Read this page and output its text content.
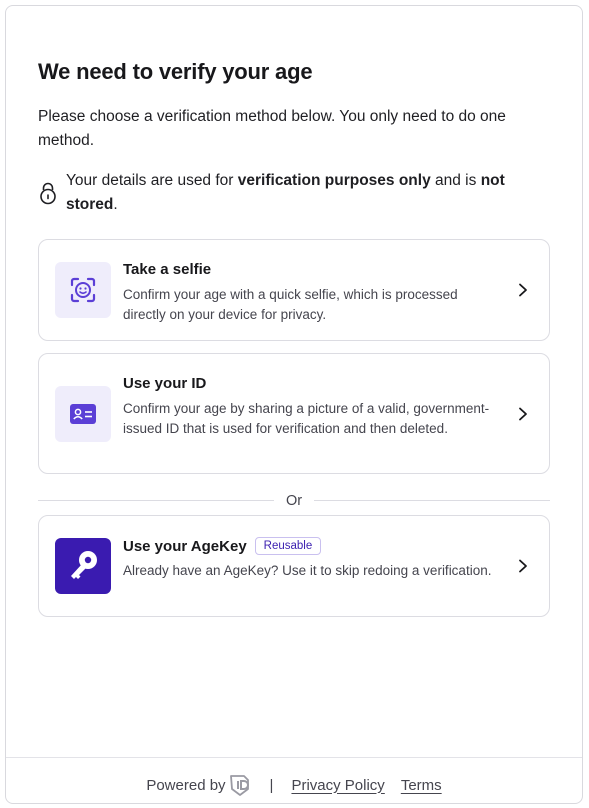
We need to verify your age

Please choose a verification method below. You only need to do one method.

Your details are used for verification purposes only and is not stored.
Take a selfie
Confirm your age with a quick selfie, which is processed directly on your device for privacy.
Use your ID
Confirm your age by sharing a picture of a valid, government-issued ID that is used for verification and then deleted.
Or
Use your AgeKey Reusable
Already have an AgeKey? Use it to skip redoing a verification.
Powered by	| Privacy Policy Terms
